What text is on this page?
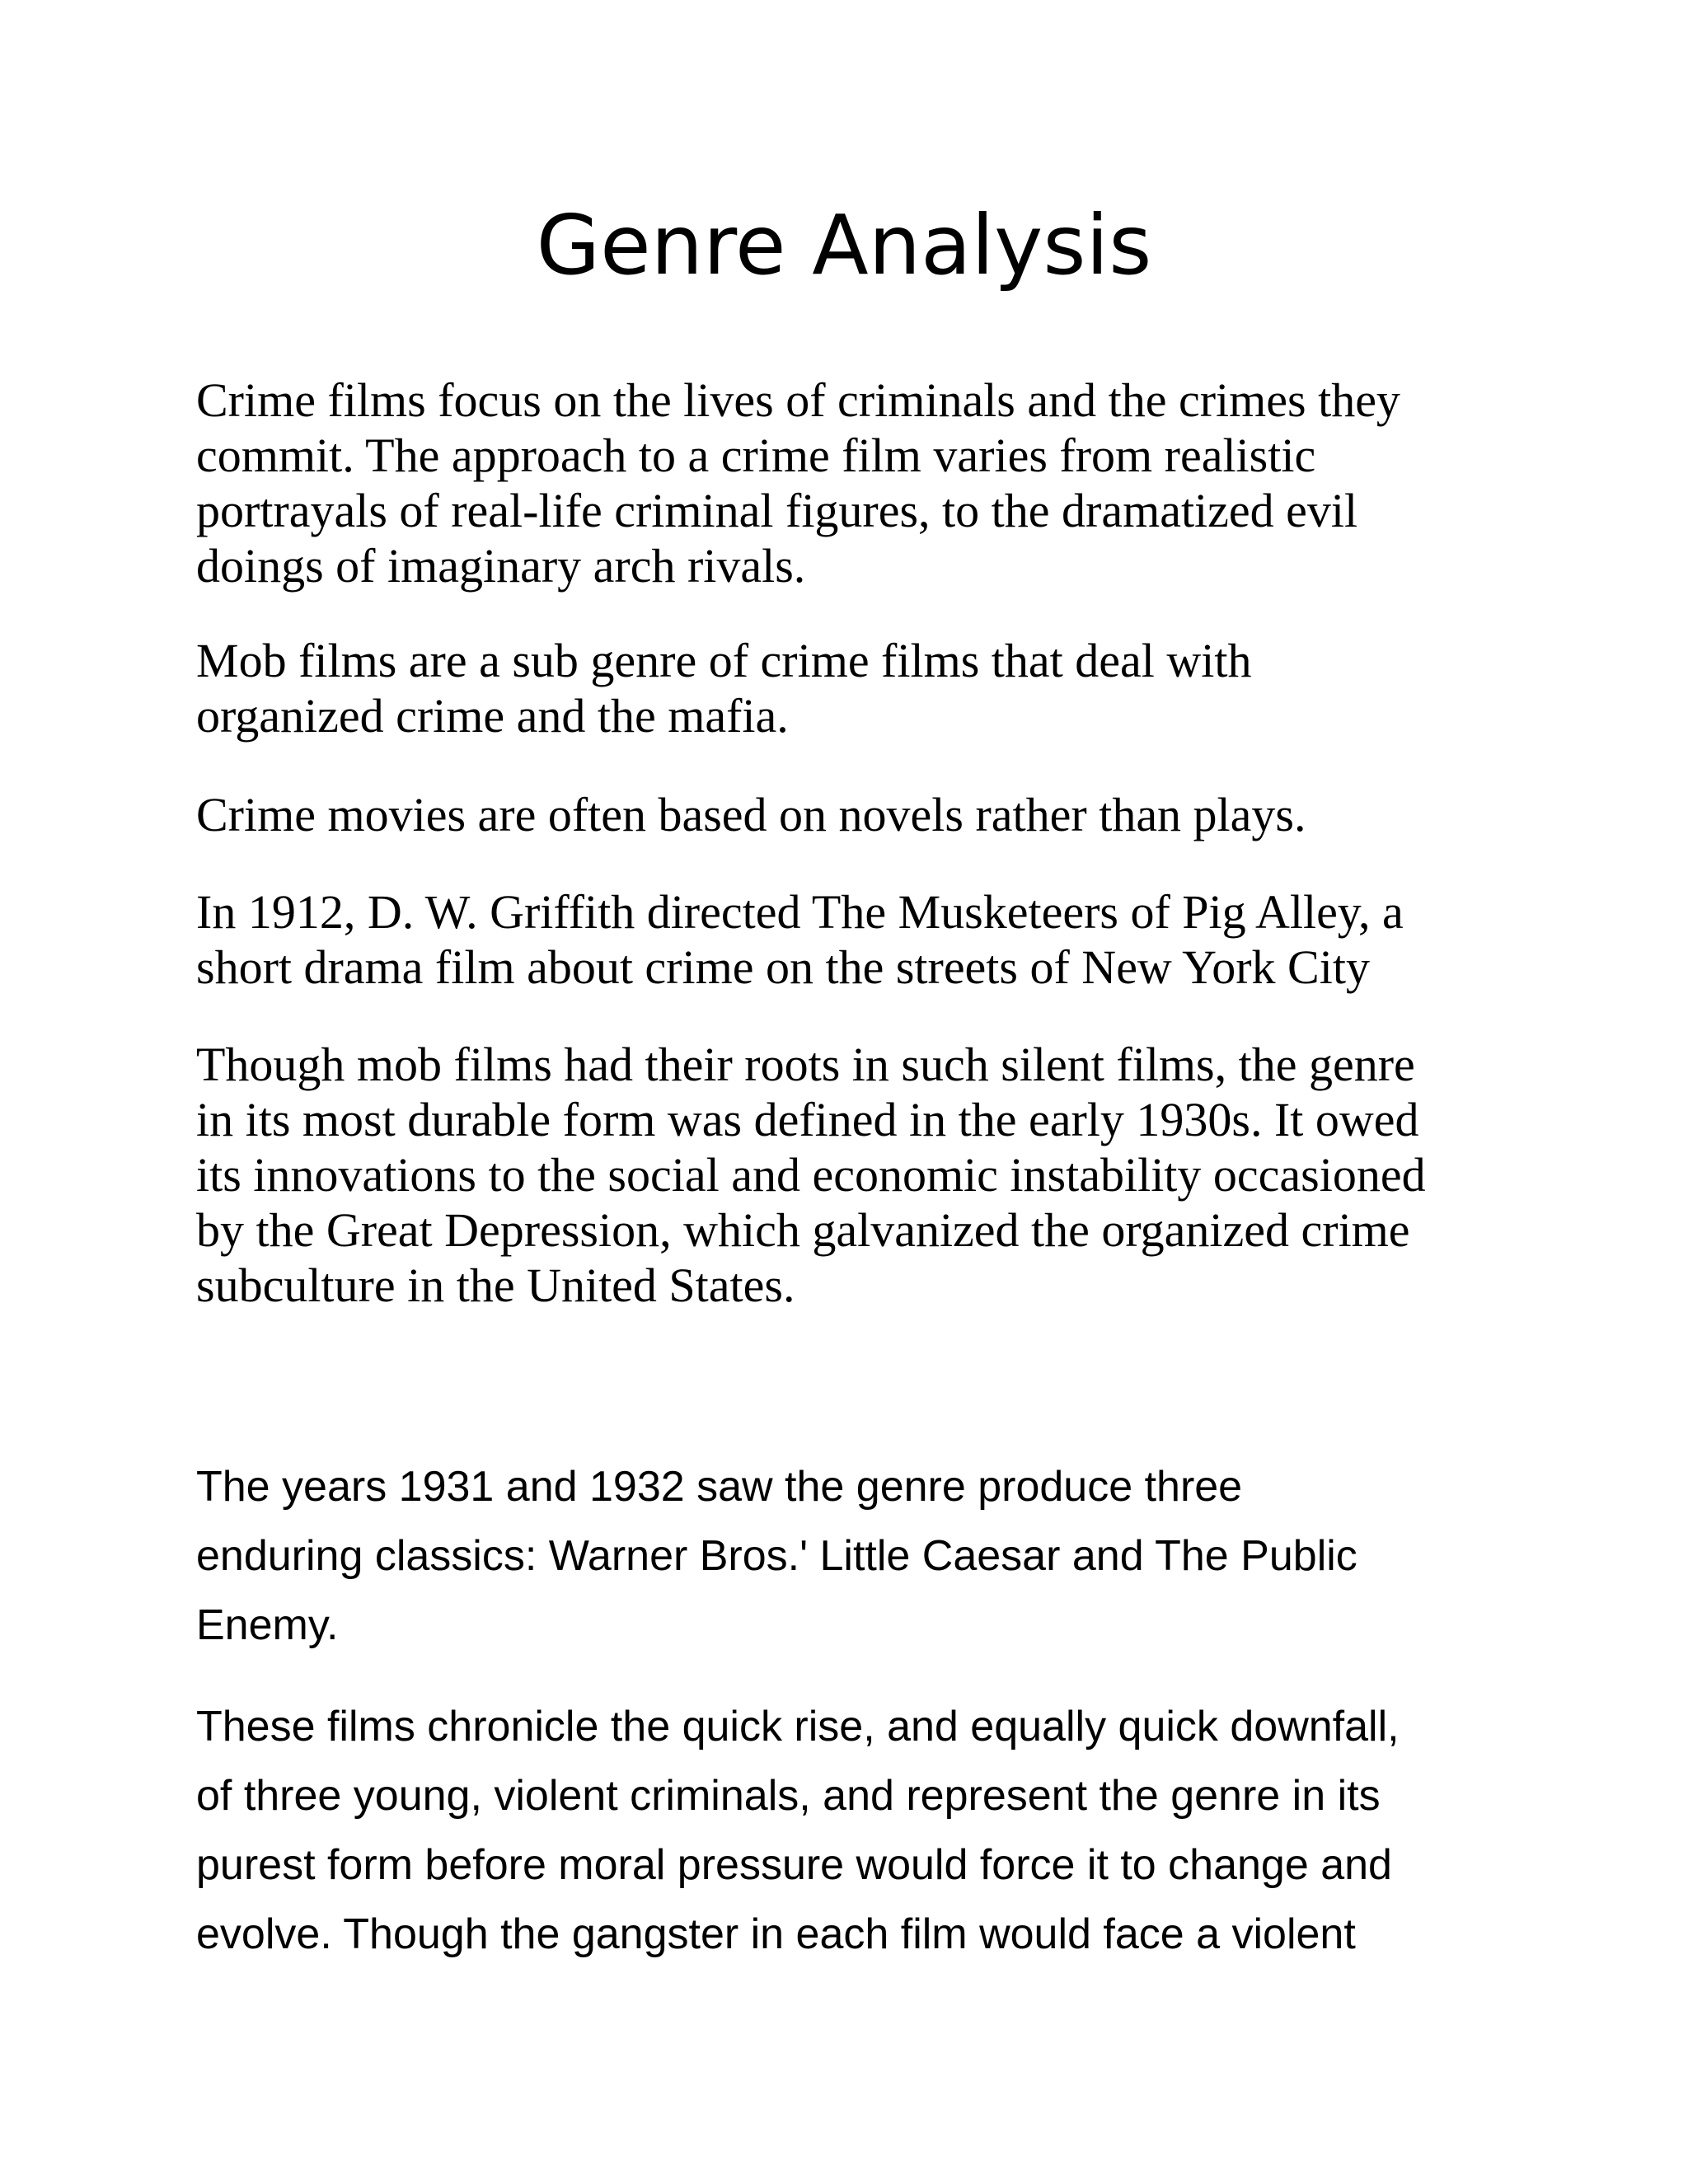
Genre Analysis

Crime films focus on the lives of criminals and the crimes they
commit. The approach to a crime film varies from realistic
portrayals of real-life criminal figures, to the dramatized evil
doings of imaginary arch rivals.

Mob films are a sub genre of crime films that deal with
organized crime and the mafia.

Crime movies are often based on novels rather than plays.

In 1912, D. W. Griffith directed The Musketeers of Pig Alley, a
short drama film about crime on the streets of New York City

Though mob films had their roots in such silent films, the genre
in its most durable form was defined in the early 1930s. It owed
its innovations to the social and economic instability occasioned
by the Great Depression, which galvanized the organized crime
subculture in the United States.

The years 1931 and 1932 saw the genre produce three
enduring classics: Warner Bros.' Little Caesar and The Public
Enemy.

These films chronicle the quick rise, and equally quick downfall,
of three young, violent criminals, and represent the genre in its
purest form before moral pressure would force it to change and
evolve. Though the gangster in each film would face a violent
